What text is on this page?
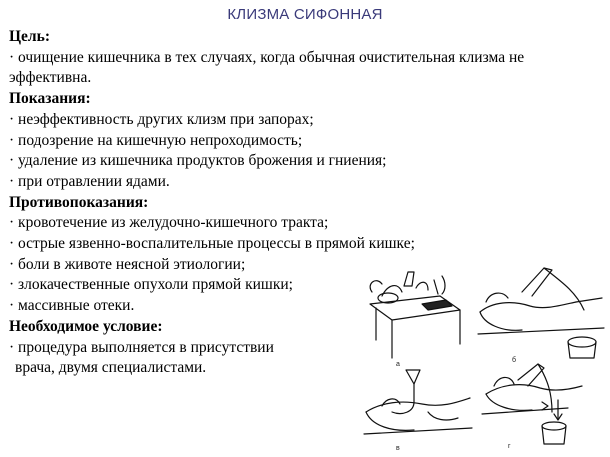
КЛИЗМА СИФОННАЯ
Цель:
· очищение кишечника в тех случаях, когда обычная очистительная клизма не
эффективна.
Показания:
· неэффективность других клизм при запорах;
· подозрение на кишечную непроходимость;
· удаление из кишечника продуктов брожения и гниения;
· при отравлении ядами.
Противопоказания:
· кровотечение из желудочно-кишечного тракта;
· острые язвенно-воспалительные процессы в прямой кишке;
· боли в животе неясной этиологии;
· злокачественные опухоли прямой кишки;
· массивные отеки.
Необходимое условие:
· процедура выполняется в присутствии
врача, двумя специалистами.	а
б
в	г
